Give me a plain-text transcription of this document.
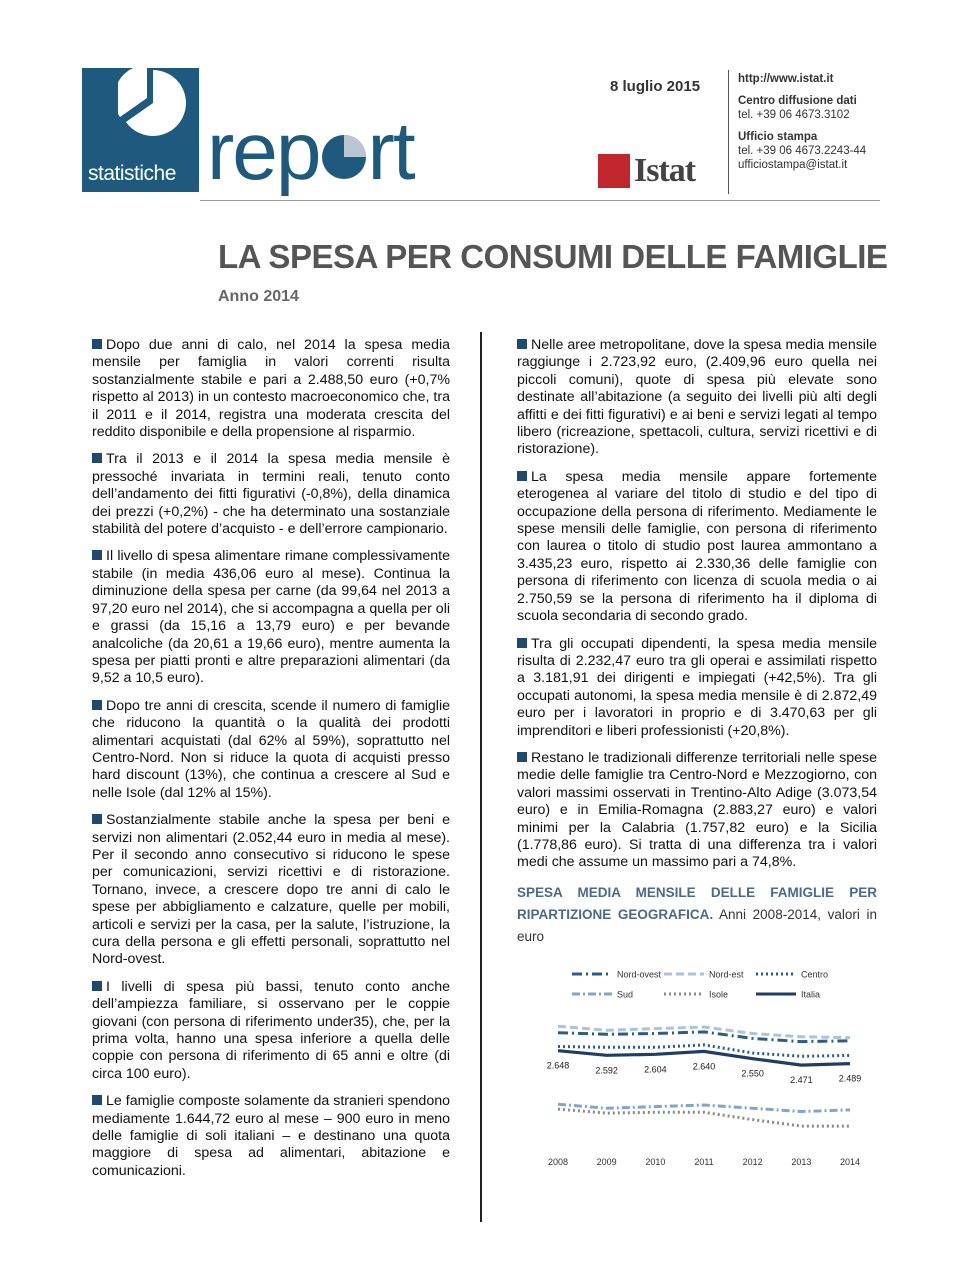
statistiche rep rt
8 luglio 2015
Istat
http://www.istat.it
Centro diffusione dati
tel. +39 06 4673.3102
Ufficio stampa
tel. +39 06 4673.2243-44
ufficiostampa@istat.it
LA SPESA PER CONSUMI DELLE FAMIGLIE
Anno 2014

Dopo due anni di calo, nel 2014 la spesa media mensile per famiglia in valori correnti risulta sostanzialmente stabile e pari a 2.488,50 euro (+0,7% rispetto al 2013) in un contesto macroeconomico che, tra il 2011 e il 2014, registra una moderata crescita del reddito disponibile e della propensione al risparmio.

Tra il 2013 e il 2014 la spesa media mensile è pressoché invariata in termini reali, tenuto conto dell’andamento dei fitti figurativi (-0,8%), della dinamica dei prezzi (+0,2%) - che ha determinato una sostanziale stabilità del potere d’acquisto - e dell’errore campionario.

Il livello di spesa alimentare rimane complessivamente stabile (in media 436,06 euro al mese). Continua la diminuzione della spesa per carne (da 99,64 nel 2013 a 97,20 euro nel 2014), che si accompagna a quella per oli e grassi (da 15,16 a 13,79 euro) e per bevande analcoliche (da 20,61 a 19,66 euro), mentre aumenta la spesa per piatti pronti e altre preparazioni alimentari (da 9,52 a 10,5 euro).

Dopo tre anni di crescita, scende il numero di famiglie che riducono la quantità o la qualità dei prodotti alimentari acquistati (dal 62% al 59%), soprattutto nel Centro-Nord. Non si riduce la quota di acquisti presso hard discount (13%), che continua a crescere al Sud e nelle Isole (dal 12% al 15%).

Sostanzialmente stabile anche la spesa per beni e servizi non alimentari (2.052,44 euro in media al mese). Per il secondo anno consecutivo si riducono le spese per comunicazioni, servizi ricettivi e di ristorazione. Tornano, invece, a crescere dopo tre anni di calo le spese per abbigliamento e calzature, quelle per mobili, articoli e servizi per la casa, per la salute, l’istruzione, la cura della persona e gli effetti personali, soprattutto nel Nord-ovest.

I livelli di spesa più bassi, tenuto conto anche dell’ampiezza familiare, si osservano per le coppie giovani (con persona di riferimento under35), che, per la prima volta, hanno una spesa inferiore a quella delle coppie con persona di riferimento di 65 anni e oltre (di circa 100 euro).

Le famiglie composte solamente da stranieri spendono mediamente 1.644,72 euro al mese – 900 euro in meno delle famiglie di soli italiani – e destinano una quota maggiore di spesa ad alimentari, abitazione e comunicazioni.

Nelle aree metropolitane, dove la spesa media mensile raggiunge i 2.723,92 euro, (2.409,96 euro quella nei piccoli comuni), quote di spesa più elevate sono destinate all’abitazione (a seguito dei livelli più alti degli affitti e dei fitti figurativi) e ai beni e servizi legati al tempo libero (ricreazione, spettacoli, cultura, servizi ricettivi e di ristorazione).

La spesa media mensile appare fortemente eterogenea al variare del titolo di studio e del tipo di occupazione della persona di riferimento. Mediamente le spese mensili delle famiglie, con persona di riferimento con laurea o titolo di studio post laurea ammontano a 3.435,23 euro, rispetto ai 2.330,36 delle famiglie con persona di riferimento con licenza di scuola media o ai 2.750,59 se la persona di riferimento ha il diploma di scuola secondaria di secondo grado.

Tra gli occupati dipendenti, la spesa media mensile risulta di 2.232,47 euro tra gli operai e assimilati rispetto a 3.181,91 dei dirigenti e impiegati (+42,5%). Tra gli occupati autonomi, la spesa media mensile è di 2.872,49 euro per i lavoratori in proprio e di 3.470,63 per gli imprenditori e liberi professionisti (+20,8%).

Restano le tradizionali differenze territoriali nelle spese medie delle famiglie tra Centro-Nord e Mezzogiorno, con valori massimi osservati in Trentino-Alto Adige (3.073,54 euro) e in Emilia-Romagna (2.883,27 euro) e valori minimi per la Calabria (1.757,82 euro) e la Sicilia (1.778,86 euro). Si tratta di una differenza tra i valori medi che assume un massimo pari a 74,8%.

SPESA MEDIA MENSILE DELLE FAMIGLIE PER RIPARTIZIONE GEOGRAFICA. Anni 2008-2014, valori in euro
Nord-ovest	Nord-est	Centro
Sud	Isole	Italia
2.648	2.592	2.604	2.640
2.550
2.471	2.489
2008	2009	2010	2011	2012	2013	2014
